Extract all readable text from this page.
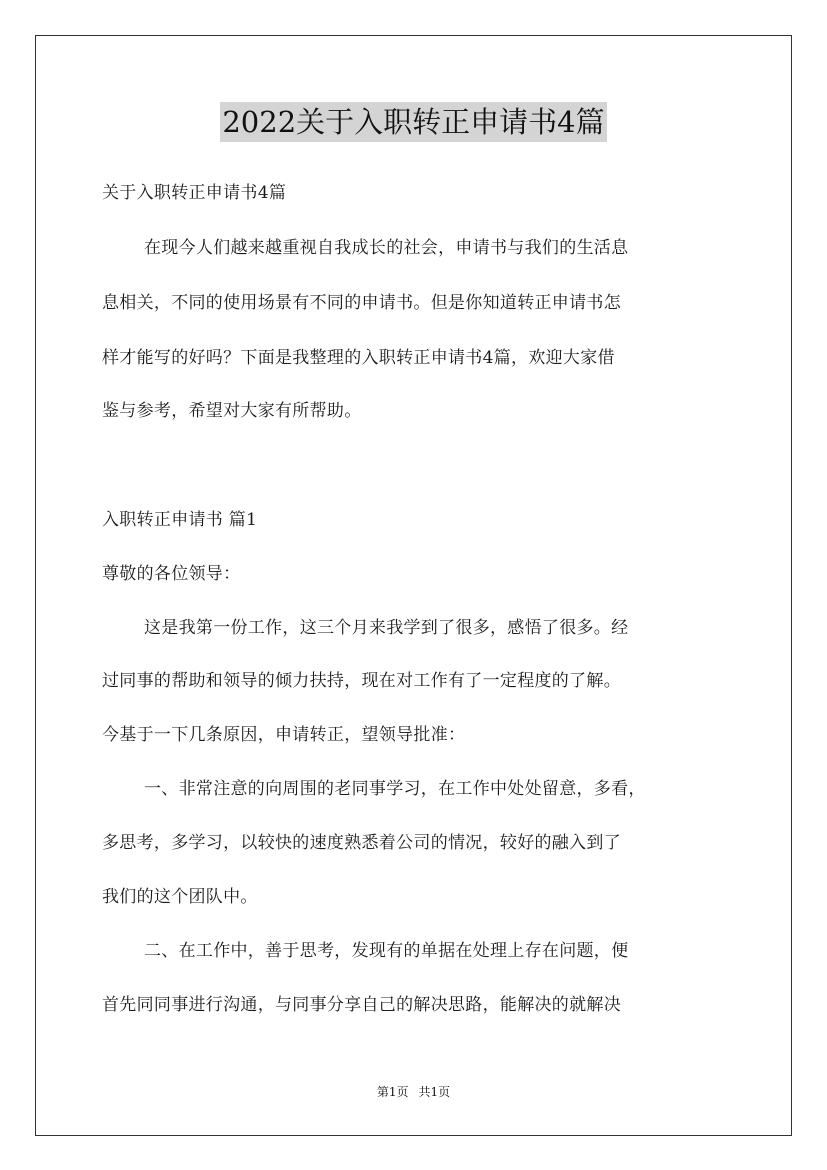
2022关于入职转正申请书4篇
关于入职转正申请书4篇
在现今人们越来越重视自我成长的社会，申请书与我们的生活息
息相关，不同的使用场景有不同的申请书。但是你知道转正申请书怎
样才能写的好吗？下面是我整理的入职转正申请书4篇，欢迎大家借
鉴与参考，希望对大家有所帮助。
入职转正申请书 篇1
尊敬的各位领导：
这是我第一份工作，这三个月来我学到了很多，感悟了很多。经
过同事的帮助和领导的倾力扶持，现在对工作有了一定程度的了解。
今基于一下几条原因，申请转正，望领导批准：
一、非常注意的向周围的老同事学习，在工作中处处留意，多看，
多思考，多学习，以较快的速度熟悉着公司的情况，较好的融入到了
我们的这个团队中。
二、在工作中，善于思考，发现有的单据在处理上存在问题，便
首先同同事进行沟通，与同事分享自己的解决思路，能解决的就解决
第1页 共1页
